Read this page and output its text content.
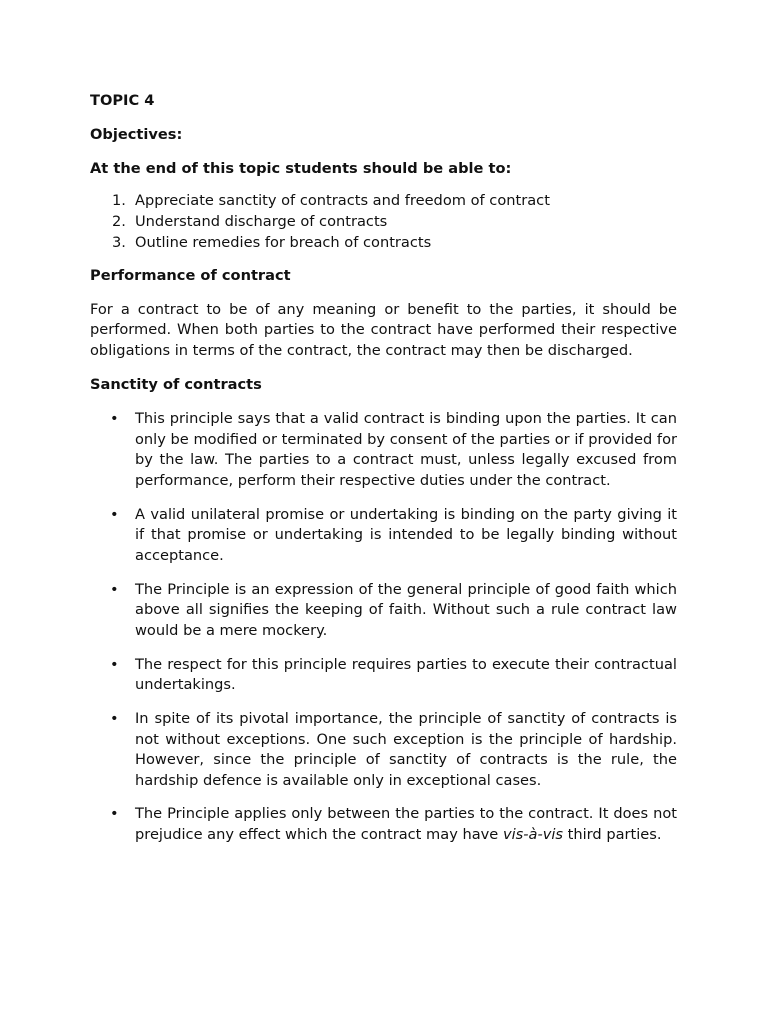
TOPIC 4
Objectives:
At the end of this topic students should be able to:
1. Appreciate sanctity of contracts and freedom of contract
2. Understand discharge of contracts
3. Outline remedies for breach of contracts
Performance of contract

For a contract to be of any meaning or benefit to the parties, it should be performed. When both parties to the contract have performed their respective obligations in terms of the contract, the contract may then be discharged.

Sanctity of contracts
•	This principle says that a valid contract is binding upon the parties. It can only be modified or terminated by consent of the parties or if provided for by the law. The parties to a contract must, unless legally excused from performance, perform their respective duties under the contract.
•	A valid unilateral promise or undertaking is binding on the party giving it if that promise or undertaking is intended to be legally binding without acceptance.
•	The Principle is an expression of the general principle of good faith which above all signifies the keeping of faith. Without such a rule contract law would be a mere mockery.
•	The respect for this principle requires parties to execute their contractual undertakings.
•	In spite of its pivotal importance, the principle of sanctity of contracts is not without exceptions. One such exception is the principle of hardship. However, since the principle of sanctity of contracts is the rule, the hardship defence is available only in exceptional cases.
•	The Principle applies only between the parties to the contract. It does not prejudice any effect which the contract may have vis-à-vis third parties.
